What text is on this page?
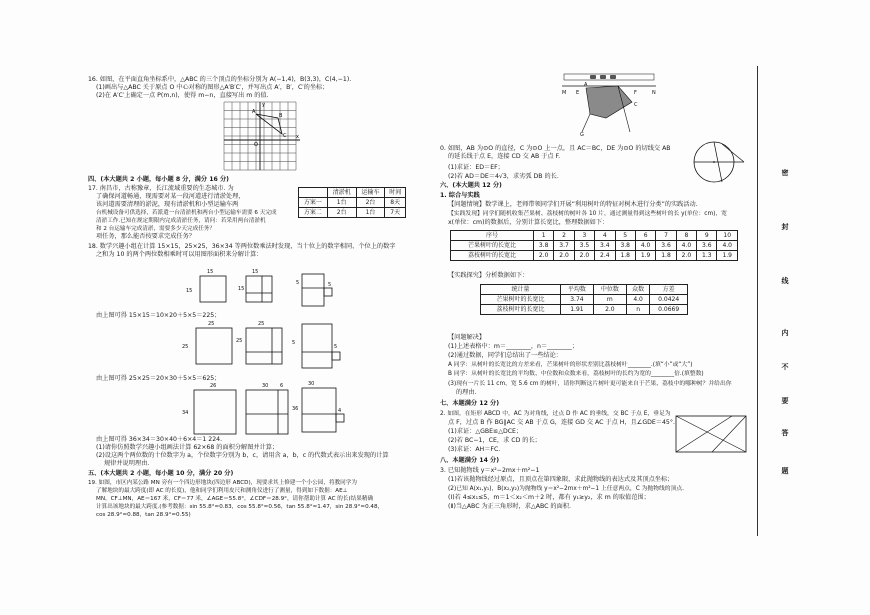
16. 如图，在平面直角坐标系中，△ABC 的三个顶点的坐标分别为 A(−1,4)，B(3,3)，C(4,−1).
(1)画出与△ABC 关于原点 O 中心对称的图形△A′B′C′，并写出点 A′，B′，C′的坐标；
(2)在 A′C′上确定一点 P(m,n)，使得 m−n，直接写出 m 的值.
x
y
O
A
B
C
四、(本大题共 2 小题，每小题 8 分，满分 16 分)
17. 南昌市，古称豫章，长江流域重要的生态城市. 为
了确保河道畅通，现需要对某一段河道进行清淤处理，
该河道需要清理的淤泥，现有清淤机和小型运输车两
台机械设备可供选择，若派遣一台清淤机和两台小型运输车需要 6 天完成
清淤工作.已知在规定期限内完成清淤任务，请问：若采用两台清淤机
和 2 台运输车完成清淤，需要多少天完成任务？
项任务，那么能否按要求完成任务？
	清淤机	运输车	时间
方案一	1台	2台	8天
方案二	2台	1台	7天
18. 数学兴趣小组在计算 15×15，25×25，36×34 等两位数乘法时发现，当十位上的数字相同、个位上的数字
之和为 10 的两个两位数相乘时可以用图形面积来分解计算：
15
15
15
15
5	5
25
25
25
25	5
5
26
34
30 6	30
4
36
由上图可得 15×15＝10×20＋5×5＝225；
由上图可得 25×25＝20×30＋5×5＝625；
由上图可得 36×34＝30×40＋6×4＝1 224.
(1)请你仿照数学兴趣小组画法计算 62×68 的面积分解图并计算；
(2)设这两个两位数的十位数字为 a，个位数字分别为 b，c，请用含 a，b，c 的代数式表示出来发现的计算
规律并说明理由.
五、(本大题共 2 小题，每小题 10 分，满分 20 分)
19. 如图，市区内某公路 MN 旁有一个四边形地块(四边形 ABCD)，现要求其上修建一个小公园，将教同学为
了解地块的最大跨度(即 AC 的长度)，他和同学们利用皮尺和测角仪进行了测量，得到如下数据：AE⊥
MN，CF⊥MN，AE＝167 米，CF＝77 米，∠AGE＝55.8°，∠CDF＝28.9°，请你帮助计算 AC 的长(结果精确
计算出该地块的最大跨度.(参考数据：sin 55.8°≈0.83，cos 55.8°≈0.56，tan 55.8°≈1.47，sin 28.9°≈0.48，
cos 28.9°≈0.88，tan 28.9°≈0.55)
M E	F	N
G
A
C
0. 如图，AB 为⊙O 的直径，C 为⊙O 上一点，且 AC＝BC，DE 为⊙O 的切线交 AB
的延长线于点 E，连接 CD 交 AB 于点 F.
(1)求证：ED＝EF；
(2)若 AD＝DE＝4√3，求劣弧 DB 的长.
六、(本大题共 12 分)
1. 综合与实践
【问题情境】数学课上，老师带领同学们开展“利用树叶的特征对树木进行分类”的实践活动.
【实践发现】同学们随机收集芒果树、荔枝树的树叶各 10 片，通过测量得到这些树叶的长 y(单位：cm)，宽
x(单位：cm)的数据后，分别计算长宽比，整理数据如下：
序号	1	2	3	4	5	6	7	8	9	10
芒果树叶的长宽比	3.8	3.7	3.5	3.4	3.8	4.0	3.6	4.0	3.6	4.0
荔枝树叶的长宽比	2.0	2.0	2.0	2.4	1.8	1.9	1.8	2.0	1.3	1.9
【实践探究】分析数据如下：
统计量	平均数	中位数	众数	方差
芒果树叶的长宽比	3.74	m	4.0	0.0424
荔枝树叶的长宽比	1.91	2.0	n	0.0669
【问题解决】
(1)上述表格中：m＝________，n＝________；
(2)通过数据，同学们总结出了一些结论：
A 同学：从树叶的长宽比的方差来看，芒果树叶的形状差别比荔枝树叶________.(填“小”或“大”)
B 同学：从树叶的长宽比的平均数、中位数和众数来看，荔枝树叶的长约为宽的________倍.(填整数)
(3)现有一片长 11 cm，宽 5.6 cm 的树叶，请你判断这片树叶更可能来自于芒果、荔枝中的哪种树？并给出你
的理由.
七、本题满分 12 分)
2. 如图，在矩形 ABCD 中，AC 为对角线，过点 D 作 AC 的垂线，交 BC 于点 E，垂足为
点 F，过点 B 作 BG∥AC 交 AB 于点 G，连接 GD 交 AC 于点 H，且∠GDE＝45°.
(1)求证：△GBE≌△DCE；
(2)若 BC−1，CE，求 CD 的长；
(3)求证：AH＝FC.
八、本题满分 14 分)
3. 已知抛物线 y＝x²−2mx＋m²−1
(1)若该抛物线经过原点，且顶点在第四象限，求此抛物线的表达式及其顶点坐标；
(2)已知 A(x₁,y₁)，B(x₂,y₂)为抛物线 y＝x²−2mx＋m²−1 上任意两点，C 为抛物线的顶点.
(Ⅰ)若 4≤x₁≤5，m＝1＜x₂＜m＋2 时，都有 y₁≥y₂，求 m 的取值范围；
(Ⅱ)当△ABC 为正三角形时，求△ABC 的面积.
密
封
线
内
不
要
答
题
